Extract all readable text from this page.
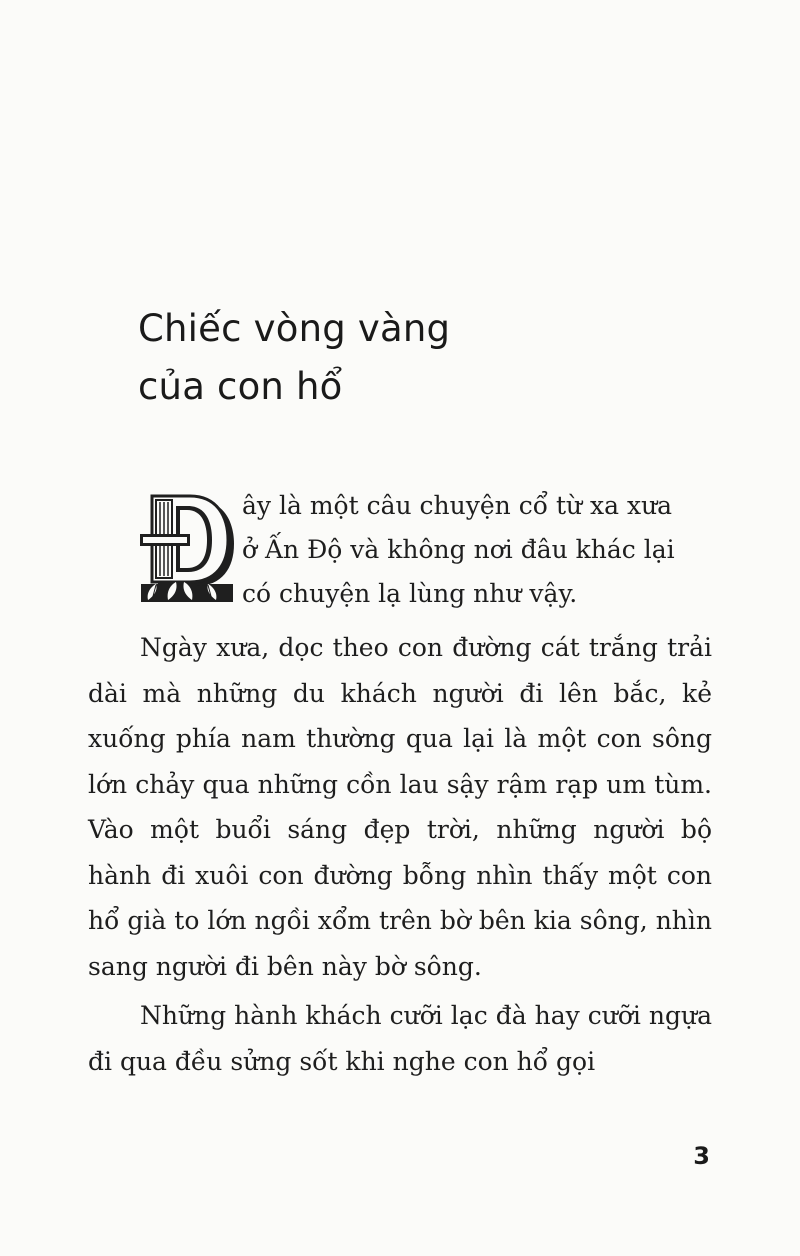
Chiếc vòng vàng
của con hổ
ây là một câu chuyện cổ từ xa xưa
ở Ấn Độ và không nơi đâu khác lại
có chuyện lạ lùng như vậy.

Ngày xưa, dọc theo con đường cát trắng trải dài mà những du khách người đi lên bắc, kẻ xuống phía nam thường qua lại là một con sông lớn chảy qua những cồn lau sậy rậm rạp um tùm. Vào một buổi sáng đẹp trời, những người bộ hành đi xuôi con đường bỗng nhìn thấy một con hổ già to lớn ngồi xổm trên bờ bên kia sông, nhìn sang người đi bên này bờ sông.

Những hành khách cưỡi lạc đà hay cưỡi ngựa đi qua đều sửng sốt khi nghe con hổ gọi

3
